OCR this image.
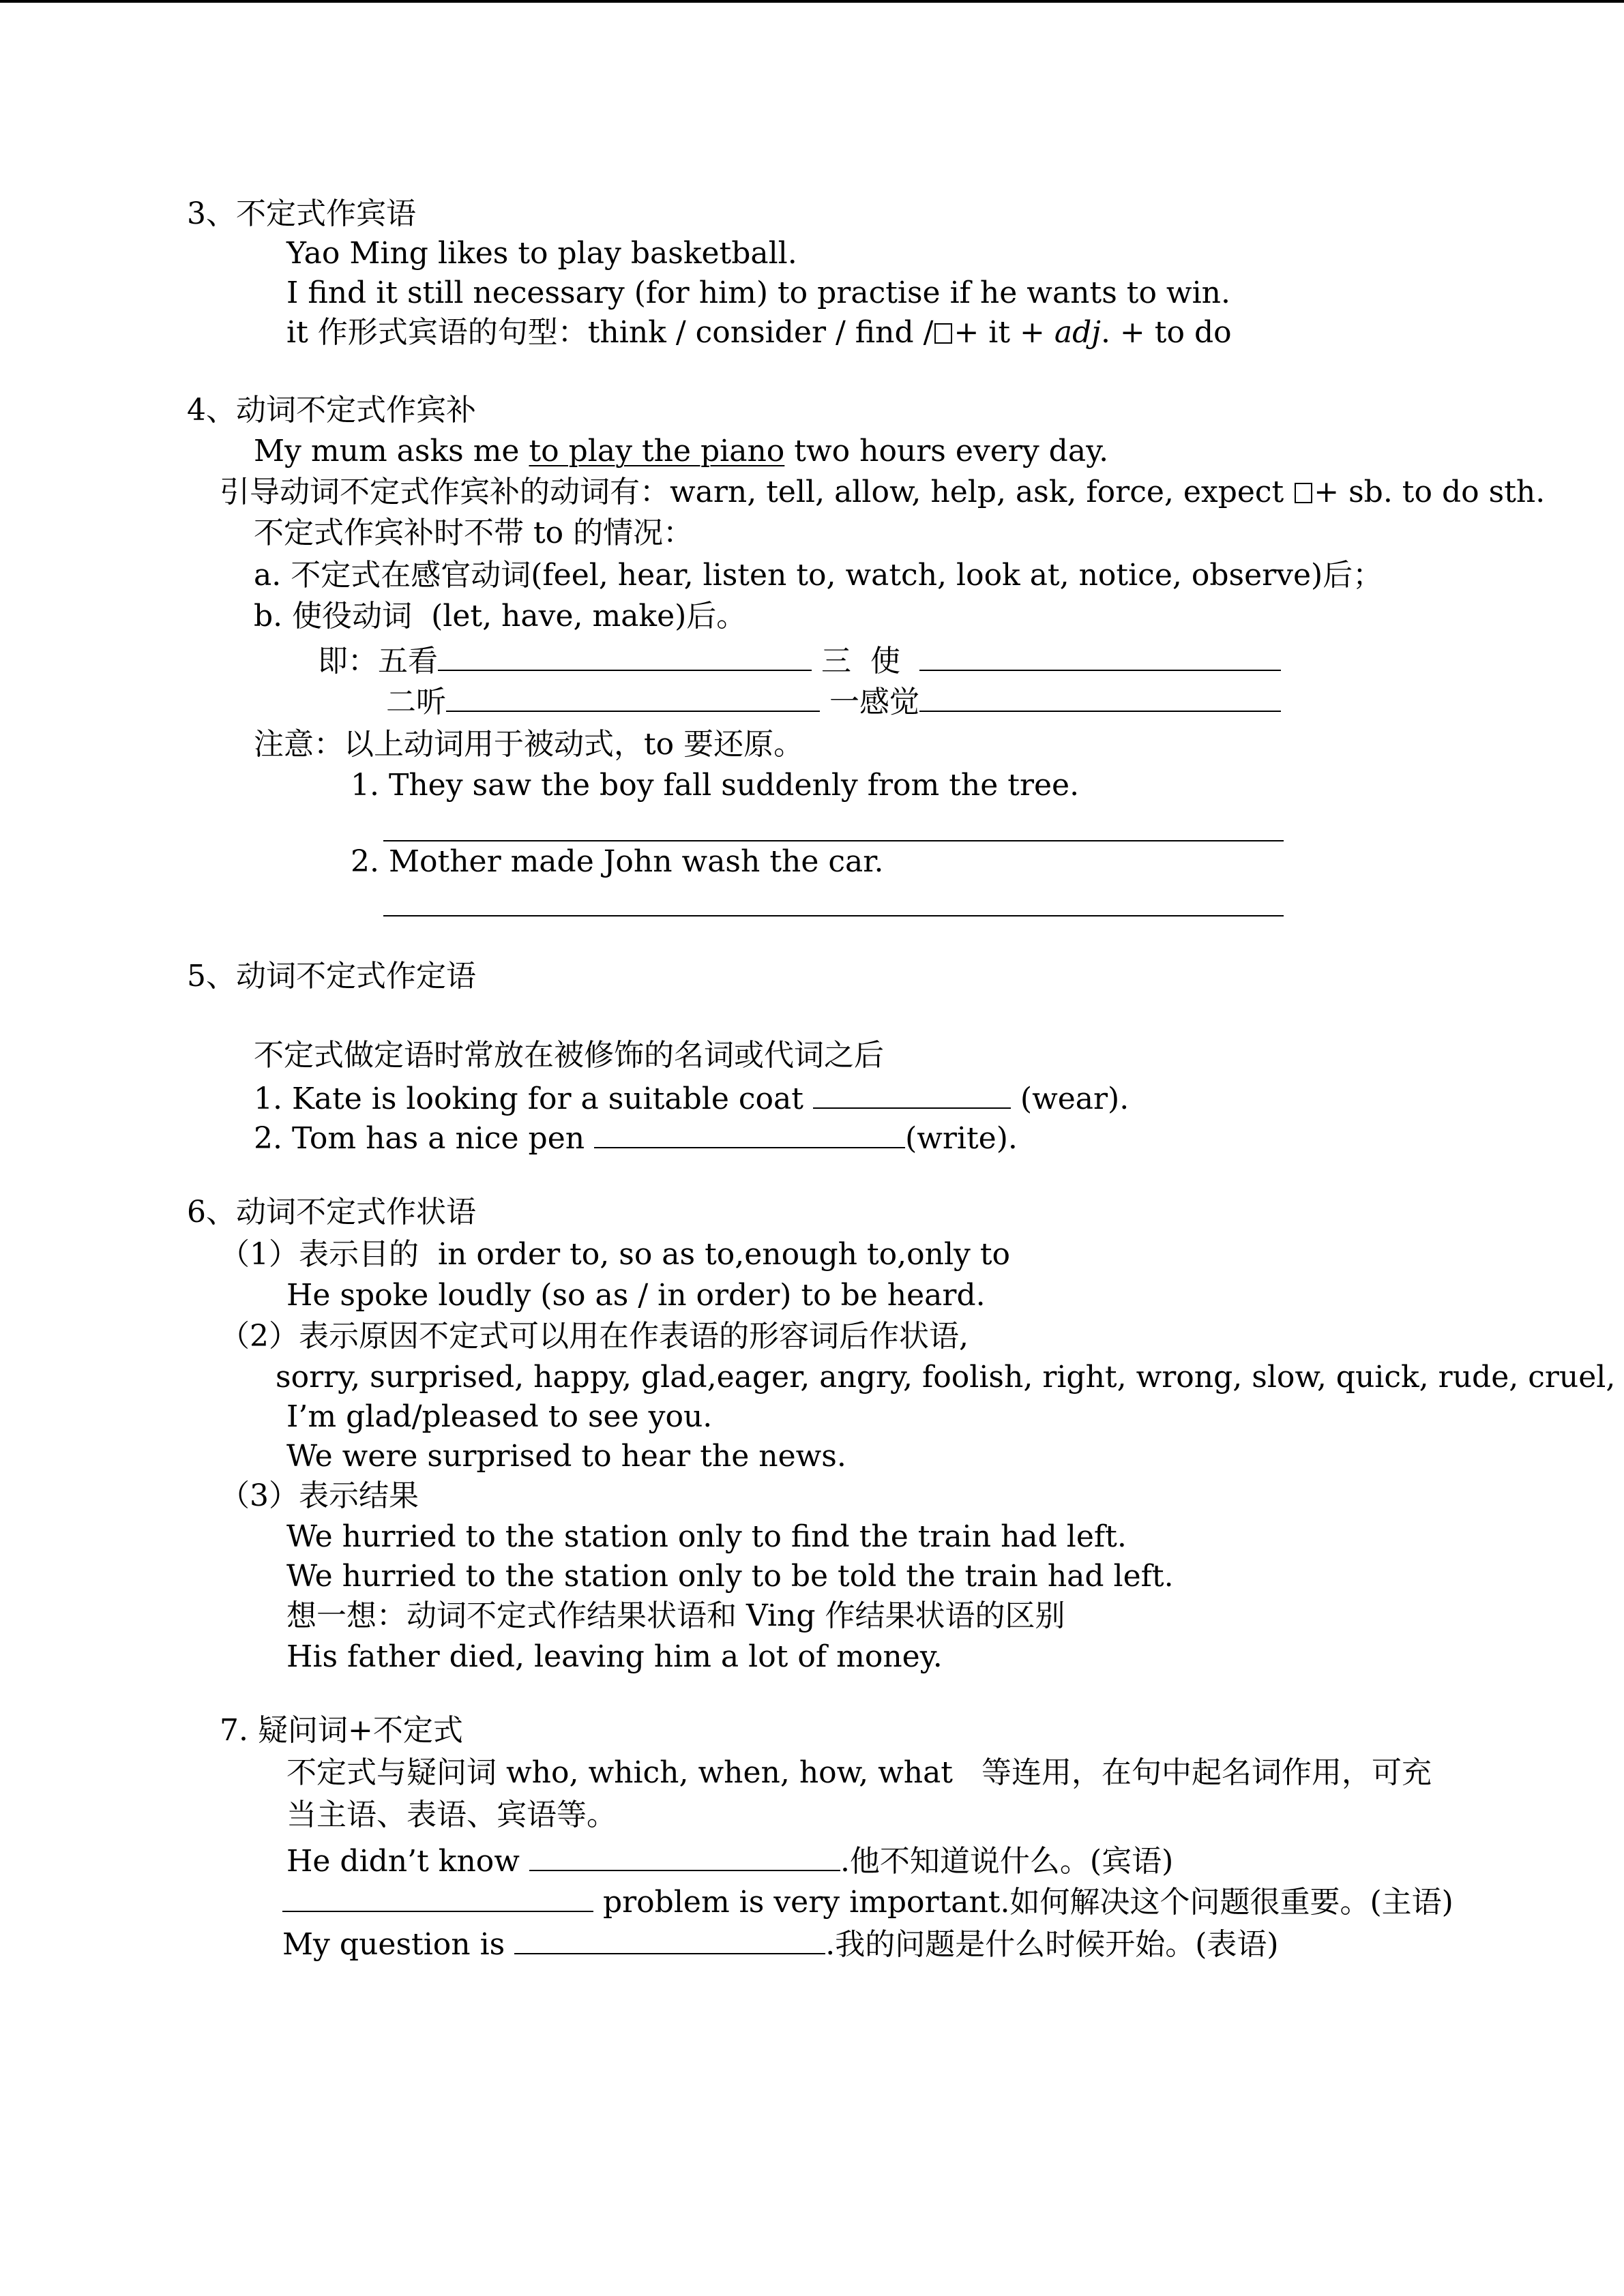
3、不定式作宾语
Yao Ming likes to play basketball.
I find it still necessary (for him) to practise if he wants to win.
it 作形式宾语的句型：think / consider / find / + it + adj. + to do
4、动词不定式作宾补
My mum asks me to play the piano two hours every day.
引导动词不定式作宾补的动词有：warn, tell, allow, help, ask, force, expect + sb. to do sth.
不定式作宾补时不带 to 的情况：
a. 不定式在感官动词(feel, hear, listen to, watch, look at, notice, observe)后；
b. 使役动词  (let, have, make)后。
即：五看	三  使
二听	一感觉
注意：以上动词用于被动式，to 要还原。
1. They saw the boy fall suddenly from the tree.
2. Mother made John wash the car.
5、动词不定式作定语
不定式做定语时常放在被修饰的名词或代词之后
1. Kate is looking for a suitable coat	(wear).
2. Tom has a nice pen	(write).
6、动词不定式作状语
（1）表示目的  in order to, so as to,enough to,only to
He spoke loudly (so as / in order) to be heard.
（2）表示原因不定式可以用在作表语的形容词后作状语,
sorry, surprised, happy, glad,eager, angry, foolish, right, wrong, slow, quick, rude, cruel,
I’m glad/pleased to see you.
We were surprised to hear the news.
（3）表示结果
We hurried to the station only to find the train had left.
We hurried to the station only to be told the train had left.
想一想：动词不定式作结果状语和 Ving 作结果状语的区别
His father died, leaving him a lot of money.
7. 疑问词+不定式
不定式与疑问词 who, which, when, how, what   等连用，在句中起名词作用，可充
当主语、表语、宾语等。
He didn’t know	.他不知道说什么。(宾语)
problem is very important.如何解决这个问题很重要。(主语)
My question is	.我的问题是什么时候开始。(表语)
